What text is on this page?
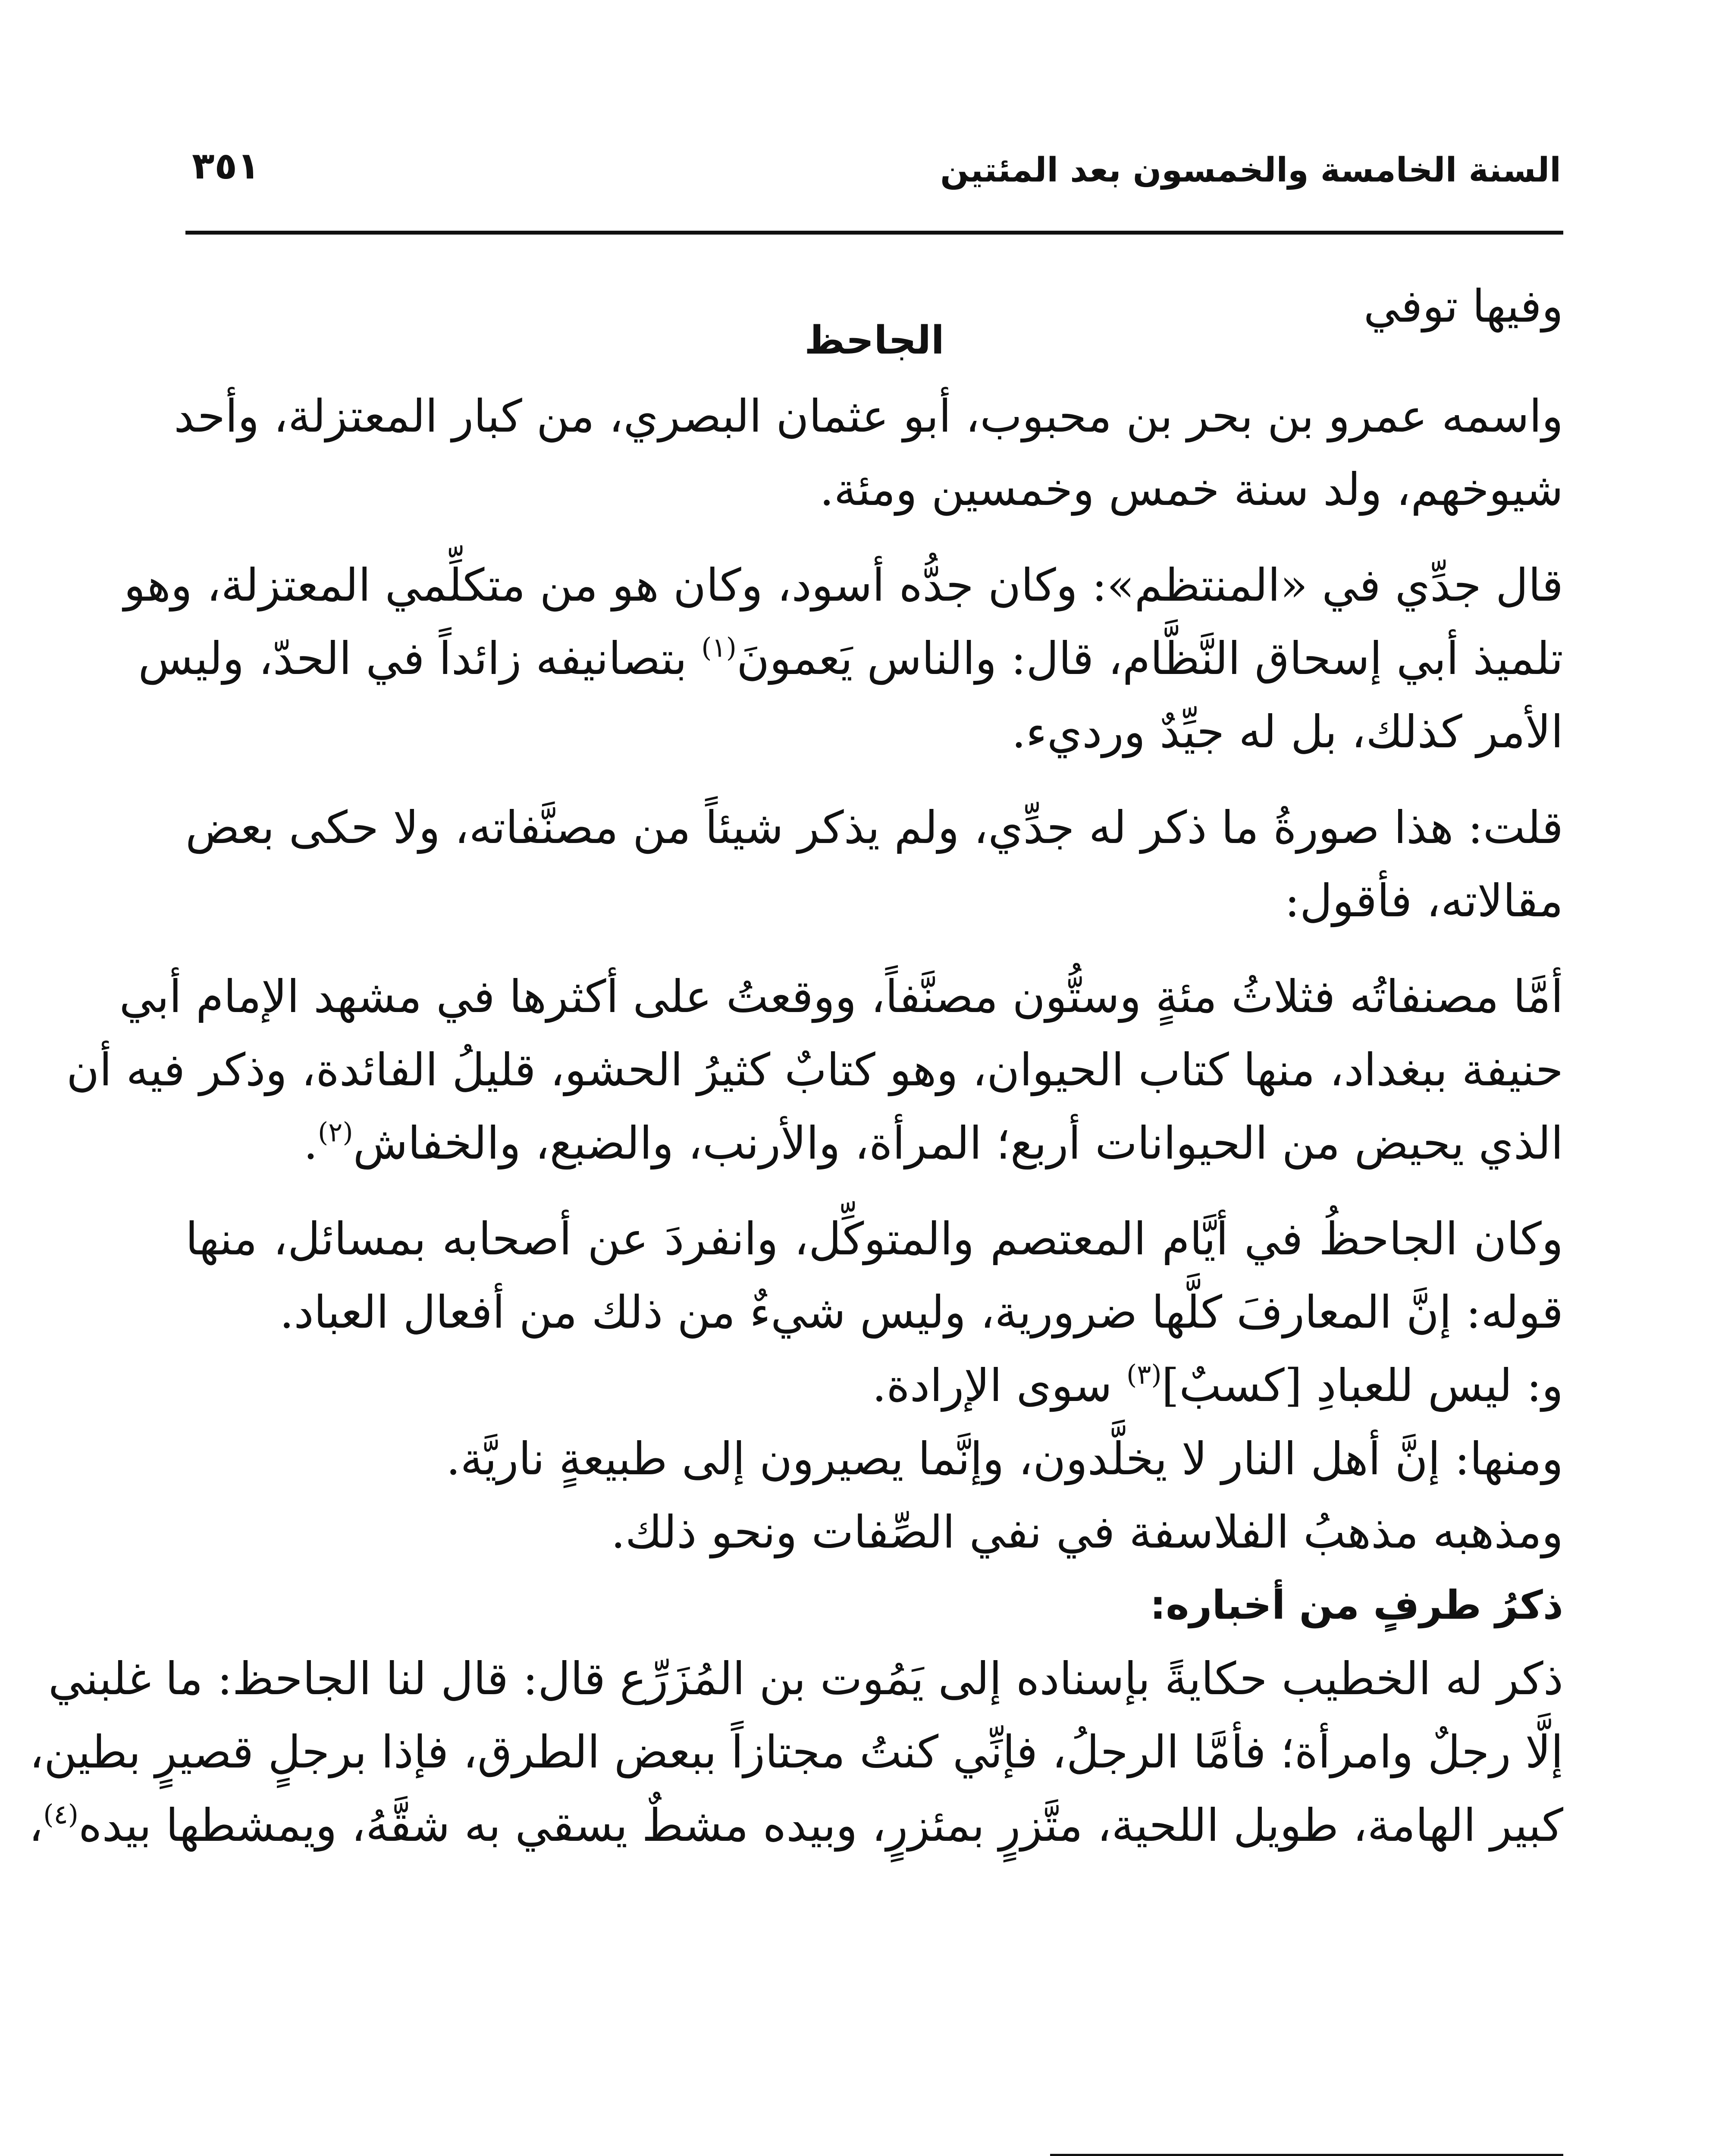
السنة الخامسة والخمسون بعد المئتين
٣٥١
وفيها توفي
الجاحظ
واسمه عمرو بن بحر بن محبوب، أبو عثمان البصري، من كبار المعتزلة، وأحد
شيوخهم، ولد سنة خمس وخمسين ومئة.
قال جدِّي في «المنتظم»: وكان جدُّه أسود، وكان هو من متكلِّمي المعتزلة، وهو
تلميذ أبي إسحاق النَّظَّام، قال: والناس يَعمونَ$^{(١)}$ بتصانيفه زائداً في الحدّ، وليس
الأمر كذلك، بل له جيِّدٌ ورديء.
قلت: هذا صورةُ ما ذكر له جدِّي، ولم يذكر شيئاً من مصنَّفاته، ولا حكى بعض
مقالاته، فأقول:
أمَّا مصنفاتُه فثلاثُ مئةٍ وستُّون مصنَّفاً، ووقعتُ على أكثرها في مشهد الإمام أبي
حنيفة ببغداد، منها كتاب الحيوان، وهو كتابٌ كثيرُ الحشو، قليلُ الفائدة، وذكر فيه أن
الذي يحيض من الحيوانات أربع؛ المرأة، والأرنب، والضبع، والخفاش$^{(٢)}$.
وكان الجاحظُ في أيَّام المعتصم والمتوكِّل، وانفردَ عن أصحابه بمسائل، منها
قوله: إنَّ المعارفَ كلَّها ضرورية، وليس شيءٌ من ذلك من أفعال العباد.
و: ليس للعبادِ [كسبٌ]$^{(٣)}$ سوى الإرادة.
ومنها: إنَّ أهل النار لا يخلَّدون، وإنَّما يصيرون إلى طبيعةٍ ناريَّة.
ومذهبه مذهبُ الفلاسفة في نفي الصِّفات ونحو ذلك.
ذكرُ طرفٍ من أخباره:
ذكر له الخطيب حكايةً بإسناده إلى يَمُوت بن المُزَرِّع قال: قال لنا الجاحظ: ما غلبني
إلَّا رجلٌ وامرأة؛ فأمَّا الرجلُ، فإنِّي كنتُ مجتازاً ببعض الطرق، فإذا برجلٍ قصيرٍ بطين،
كبير الهامة، طويل اللحية، متَّزرٍ بمئزرٍ، وبيده مشطٌ يسقي به شقَّهُ، ويمشطها بيده$^{(٤)}$،
